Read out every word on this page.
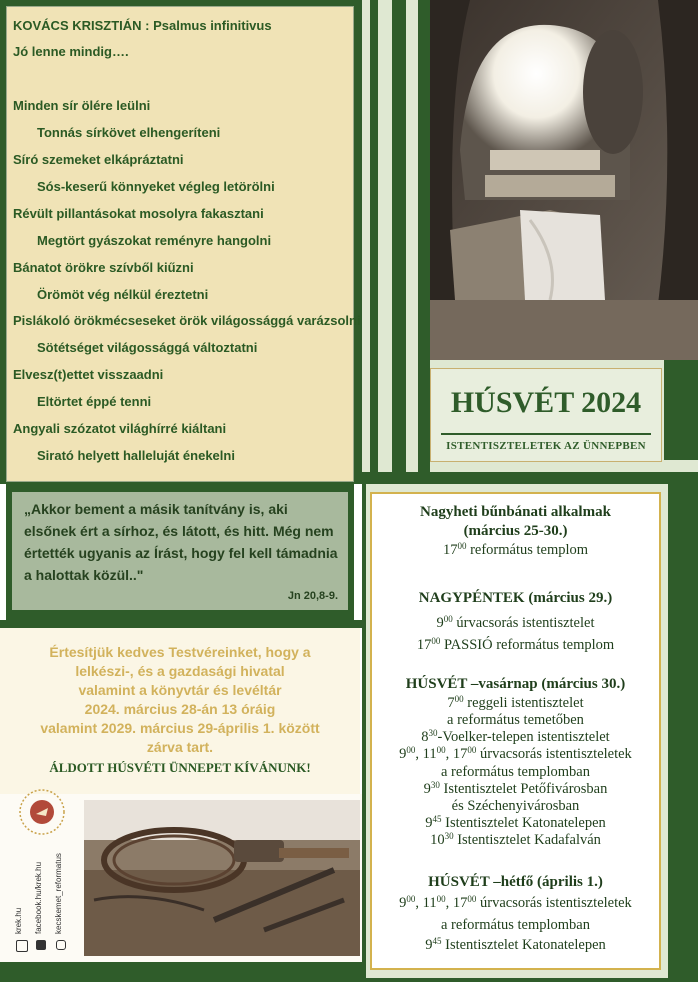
KOVÁCS KRISZTIÁN : Psalmus infinitivus
Jó lenne mindig….
Minden sír ölére leülni
Tonnás sírkövet elhengeríteni
Síró szemeket elkápráztatni
Sós-keserű könnyeket végleg letörölni
Révült pillantásokat mosolyra fakasztani
Megtört gyászokat reményre hangolni
Bánatot örökre szívből kiűzni
Örömöt vég nélkül éreztetni
Pislákoló örökmécseseket örök világossággá varázsolni
Sötétséget világossággá változtatni
Elvesz(t)ettet visszaadni
Eltörtet éppé tenni
Angyali szózatot világhírré kiáltani
Sirató helyett halleluját énekelni
HÚSVÉT 2024
ISTENTISZTELETEK AZ ÜNNEPBEN
„Akkor bement a másik tanítvány is, aki elsőnek ért a sírhoz, és látott, és hitt. Még nem értették ugyanis az Írást, hogy fel kell támadnia a halottak közül.."
Jn 20,8-9.
Értesítjük kedves Testvéreinket, hogy a
lelkészi-, és a gazdasági hivatal
valamint a könyvtár és levéltár
2024. március 28-án 13 óráig
valamint 2029. március 29-április 1. között
zárva tart.
ÁLDOTT HÚSVÉTI ÜNNEPET KÍVÁNUNK!
krek.hu facebook.hu/krek.hu kecskemet_reformatus
Nagyheti bűnbánati alkalmak
(március 25-30.)
$17^{00}$ református templom
NAGYPÉNTEK (március 29.)
$9^{00}$ úrvacsorás istentisztelet
$17^{00}$ PASSIÓ református templom
HÚSVÉT –vasárnap (március 30.)
$7^{00}$ reggeli istentisztelet
a református temetőben
$8^{30}-Voelker$-telepen istentisztelet
$9^{00}$, $11^{00}$, $17^{00}$ úrvacsorás istentiszteletek
a református templomban
$9^{30}$ Istentisztelet Petőfivárosban
és Széchenyivárosban
$9^{45}$ Istentisztelet Katonatelepen
$10^{30}$ Istentisztelet Kadafalván
HÚSVÉT –hétfő (április 1.)
$9^{00}$, $11^{00}$, $17^{00}$ úrvacsorás istentiszteletek
a református templomban
$9^{45}$ Istentisztelet Katonatelepen
